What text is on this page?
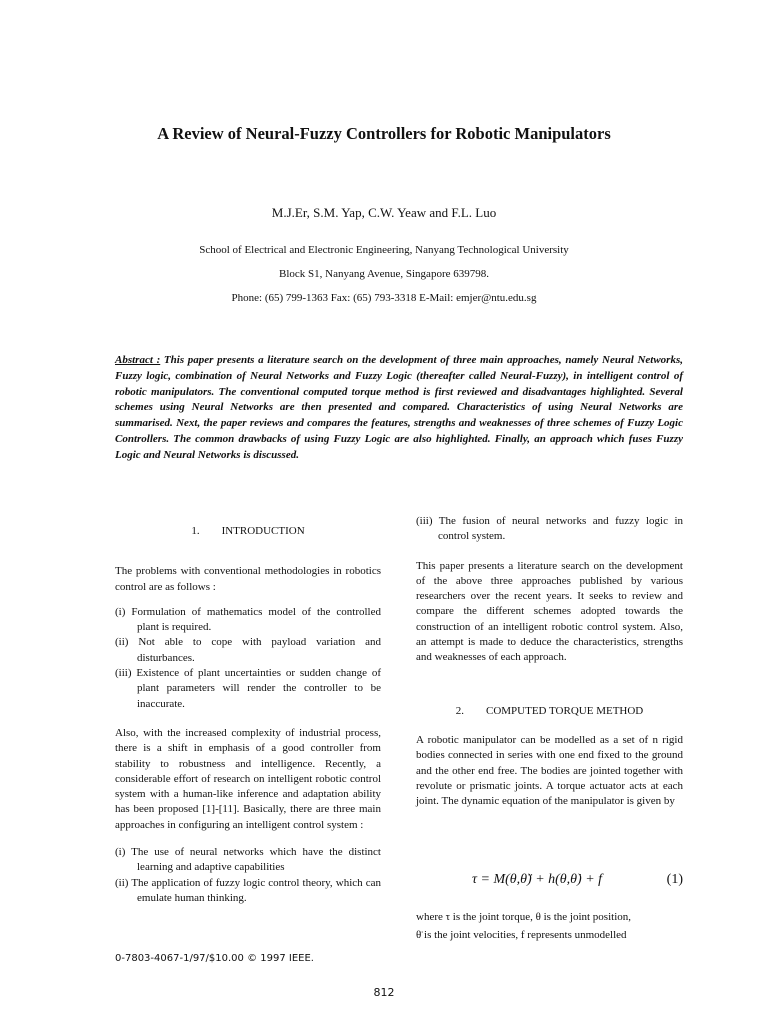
A Review of Neural-Fuzzy Controllers for Robotic Manipulators
M.J.Er, S.M. Yap, C.W. Yeaw and F.L. Luo
School of Electrical and Electronic Engineering, Nanyang Technological University
Block S1, Nanyang Avenue, Singapore 639798.
Phone: (65) 799-1363 Fax: (65) 793-3318 E-Mail: emjer@ntu.edu.sg
Abstract : This paper presents a literature search on the development of three main approaches, namely Neural Networks, Fuzzy logic, combination of Neural Networks and Fuzzy Logic (thereafter called Neural-Fuzzy), in intelligent control of robotic manipulators. The conventional computed torque method is first reviewed and disadvantages highlighted. Several schemes using Neural Networks are then presented and compared. Characteristics of using Neural Networks are summarised. Next, the paper reviews and compares the features, strengths and weaknesses of three schemes of Fuzzy Logic Controllers. The common drawbacks of using Fuzzy Logic are also highlighted. Finally, an approach which fuses Fuzzy Logic and Neural Networks is discussed.

1. INTRODUCTION

The problems with conventional methodologies in robotics control are as follows :

(i) Formulation of mathematics model of the controlled plant is required.
(ii) Not able to cope with payload variation and disturbances.
(iii) Existence of plant uncertainties or sudden change of plant parameters will render the controller to be inaccurate.

Also, with the increased complexity of industrial process, there is a shift in emphasis of a good controller from stability to robustness and intelligence. Recently, a considerable effort of research on intelligent robotic control system with a human-like inference and adaptation ability has been proposed [1]-[11]. Basically, there are three main approaches in configuring an intelligent control system :

(i) The use of neural networks which have the distinct learning and adaptive capabilities
(ii) The application of fuzzy logic control theory, which can emulate human thinking.
(iii) The fusion of neural networks and fuzzy logic in control system.

This paper presents a literature search on the development of the above three approaches published by various researchers over the recent years. It seeks to review and compare the different schemes adopted towards the construction of an intelligent robotic control system. Also, an attempt is made to deduce the characteristics, strengths and weaknesses of each approach.

2. COMPUTED TORQUE METHOD

A robotic manipulator can be modelled as a set of n rigid bodies connected in series with one end fixed to the ground and the other end free. The bodies are jointed together with revolute or prismatic joints. A torque actuator acts at each joint. The dynamic equation of the manipulator is given by

τ = M(θ,θ̈) + h(θ,θ̇) + f	(1)
where τ is the joint torque, θ is the joint position,
θ̈ is the joint velocities, f represents unmodelled
0-7803-4067-1/97/$10.00 © 1997 IEEE.
812
